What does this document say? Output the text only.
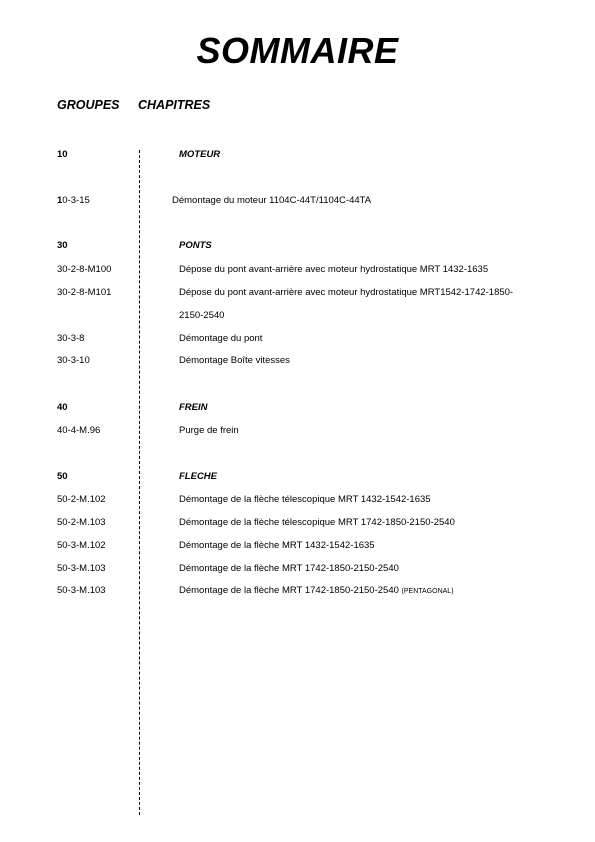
SOMMAIRE
GROUPES CHAPITRES
10	MOTEUR
10-3-15	Démontage du moteur 1104C-44T/1104C-44TA
30	PONTS
30-2-8-M100	Dépose du pont avant-arrière avec moteur hydrostatique MRT 1432-1635
30-2-8-M101	Dépose du pont avant-arrière avec moteur hydrostatique MRT1542-1742-1850-
2150-2540
30-3-8	Démontage du pont
30-3-10	Démontage Boîte vitesses
40	FREIN
40-4-M.96	Purge de frein
50	FLECHE
50-2-M.102	Démontage de la flèche télescopique MRT 1432-1542-1635
50-2-M.103	Démontage de la flèche télescopique MRT 1742-1850-2150-2540
50-3-M.102	Démontage de la flèche MRT 1432-1542-1635
50-3-M.103	Démontage de la flèche MRT 1742-1850-2150-2540
50-3-M.103	Démontage de la flèche MRT 1742-1850-2150-2540 (PENTAGONAL)
